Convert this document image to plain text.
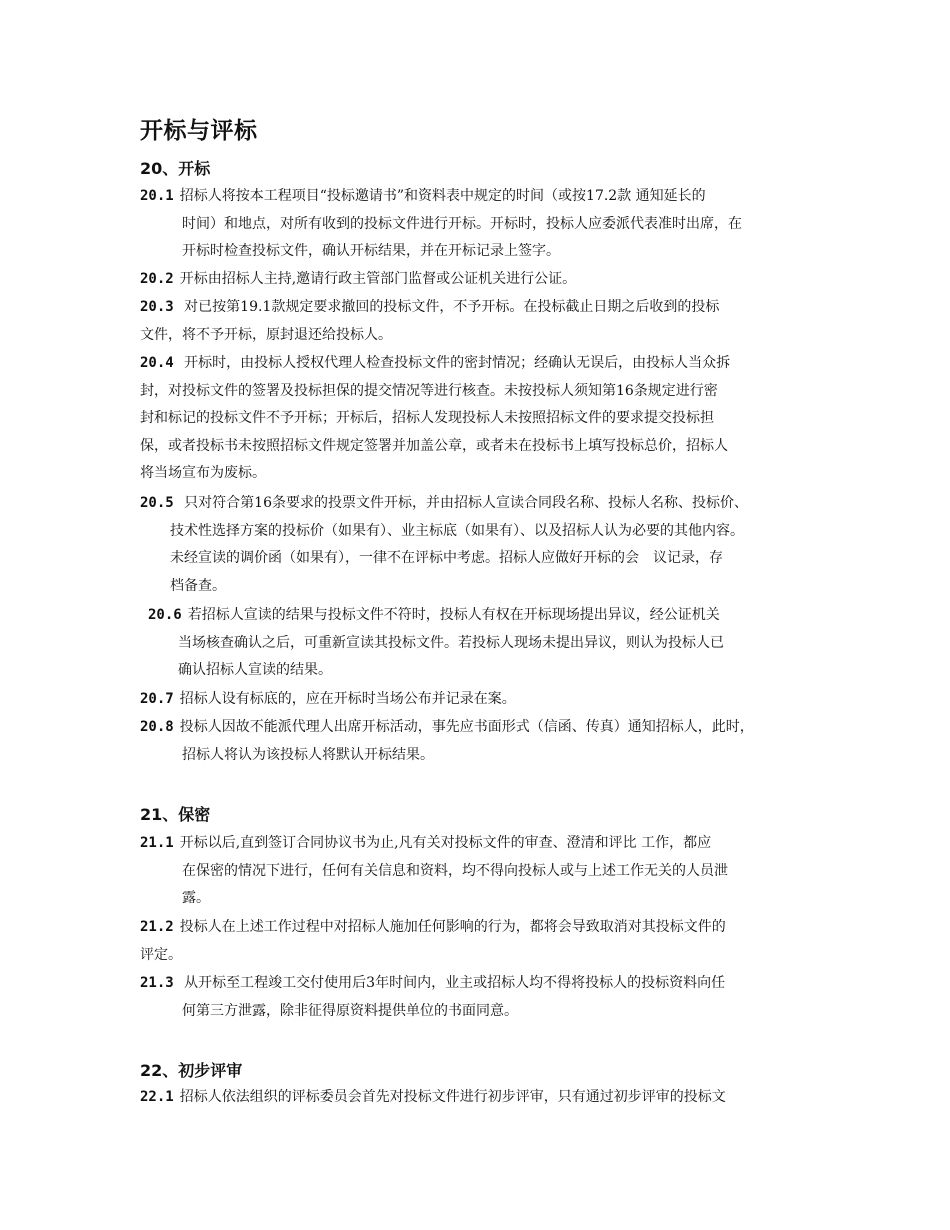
开标与评标
20、开标
20.1 招标人将按本工程项目“投标邀请书”和资料表中规定的时间（或按17.2款 通知延长的
时间）和地点，对所有收到的投标文件进行开标。开标时，投标人应委派代表准时出席，在
开标时检查投标文件，确认开标结果，并在开标记录上签字。
20.2 开标由招标人主持,邀请行政主管部门监督或公证机关进行公证。
20.3 对已按第19.1款规定要求撤回的投标文件，不予开标。在投标截止日期之后收到的投标
文件，将不予开标，原封退还给投标人。
20.4 开标时，由投标人授权代理人检查投标文件的密封情况；经确认无误后，由投标人当众拆
封，对投标文件的签署及投标担保的提交情况等进行核查。未按投标人须知第16条规定进行密
封和标记的投标文件不予开标；开标后，招标人发现投标人未按照招标文件的要求提交投标担
保，或者投标书未按照招标文件规定签署并加盖公章，或者未在投标书上填写投标总价，招标人
将当场宣布为废标。
20.5 只对符合第16条要求的投票文件开标，并由招标人宣读合同段名称、投标人名称、投标价、
技术性选择方案的投标价（如果有）、业主标底（如果有）、以及招标人认为必要的其他内容。
未经宣读的调价函（如果有），一律不在评标中考虑。招标人应做好开标的会　议记录，存
档备查。
20.6 若招标人宣读的结果与投标文件不符时，投标人有权在开标现场提出异议，经公证机关
当场核查确认之后，可重新宣读其投标文件。若投标人现场未提出异议，则认为投标人已
确认招标人宣读的结果。
20.7 招标人设有标底的，应在开标时当场公布并记录在案。
20.8 投标人因故不能派代理人出席开标活动，事先应书面形式（信函、传真）通知招标人，此时，
招标人将认为该投标人将默认开标结果。
21、保密
21.1 开标以后,直到签订合同协议书为止,凡有关对投标文件的审查、澄清和评比 工作，都应
在保密的情况下进行，任何有关信息和资料，均不得向投标人或与上述工作无关的人员泄
露。
21.2 投标人在上述工作过程中对招标人施加任何影响的行为，都将会导致取消对其投标文件的
评定。
21.3 从开标至工程竣工交付使用后3年时间内，业主或招标人均不得将投标人的投标资料向任
何第三方泄露，除非征得原资料提供单位的书面同意。
22、初步评审
22.1 招标人依法组织的评标委员会首先对投标文件进行初步评审，只有通过初步评审的投标文
